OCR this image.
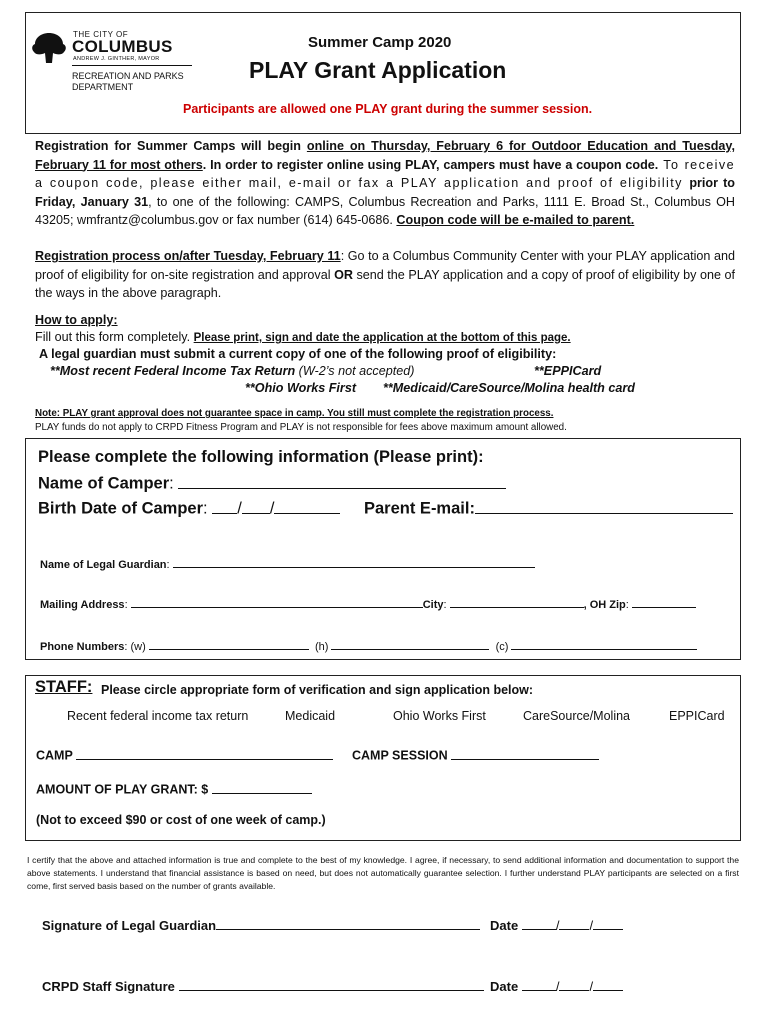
THE CITY OF
COLUMBUS
ANDREW J. GINTHER, MAYOR
RECREATION AND PARKS
DEPARTMENT
Summer Camp 2020
PLAY Grant Application
Participants are allowed one PLAY grant during the summer session.
Registration for Summer Camps will begin online on Thursday, February 6 for Outdoor Education and Tuesday, February 11 for most others. In order to register online using PLAY, campers must have a coupon code. To receive a coupon code, please either mail, e-mail or fax a PLAY application and proof of eligibility prior to Friday, January 31, to one of the following: CAMPS, Columbus Recreation and Parks, 1111 E. Broad St., Columbus OH 43205; wmfrantz@columbus.gov or fax number (614) 645-0686. Coupon code will be e-mailed to parent.
Registration process on/after Tuesday, February 11: Go to a Columbus Community Center with your PLAY application and proof of eligibility for on-site registration and approval OR send the PLAY application and a copy of proof of eligibility by one of the ways in the above paragraph.
How to apply:
Fill out this form completely. Please print, sign and date the application at the bottom of this page.
A legal guardian must submit a current copy of one of the following proof of eligibility:
**Most recent Federal Income Tax Return (W-2’s not accepted)	**EPPICard
**Ohio Works First **Medicaid/CareSource/Molina health card
Note: PLAY grant approval does not guarantee space in camp. You still must complete the registration process.
PLAY funds do not apply to CRPD Fitness Program and PLAY is not responsible for fees above maximum amount allowed.
Please complete the following information (Please print):
Name of Camper:
Birth Date of Camper: / /	Parent E-mail:
Name of Legal Guardian:
Mailing Address:	City:	, OH Zip:
Phone Numbers: (w)	(h)	(c)
STAFF: Please circle appropriate form of verification and sign application below:
Recent federal income tax return	Medicaid	Ohio Works First	CareSource/Molina	EPPICard
CAMP	CAMP SESSION
AMOUNT OF PLAY GRANT: $
(Not to exceed $90 or cost of one week of camp.)
I certify that the above and attached information is true and complete to the best of my knowledge. I agree, if necessary, to send additional information and documentation to support the above statements. I understand that financial assistance is based on need, but does not automatically guarantee selection. I further understand PLAY participants are selected on a first come, first served basis based on the number of grants available.
Signature of Legal Guardian	Date	/ /
CRPD Staff Signature	Date	/ /
